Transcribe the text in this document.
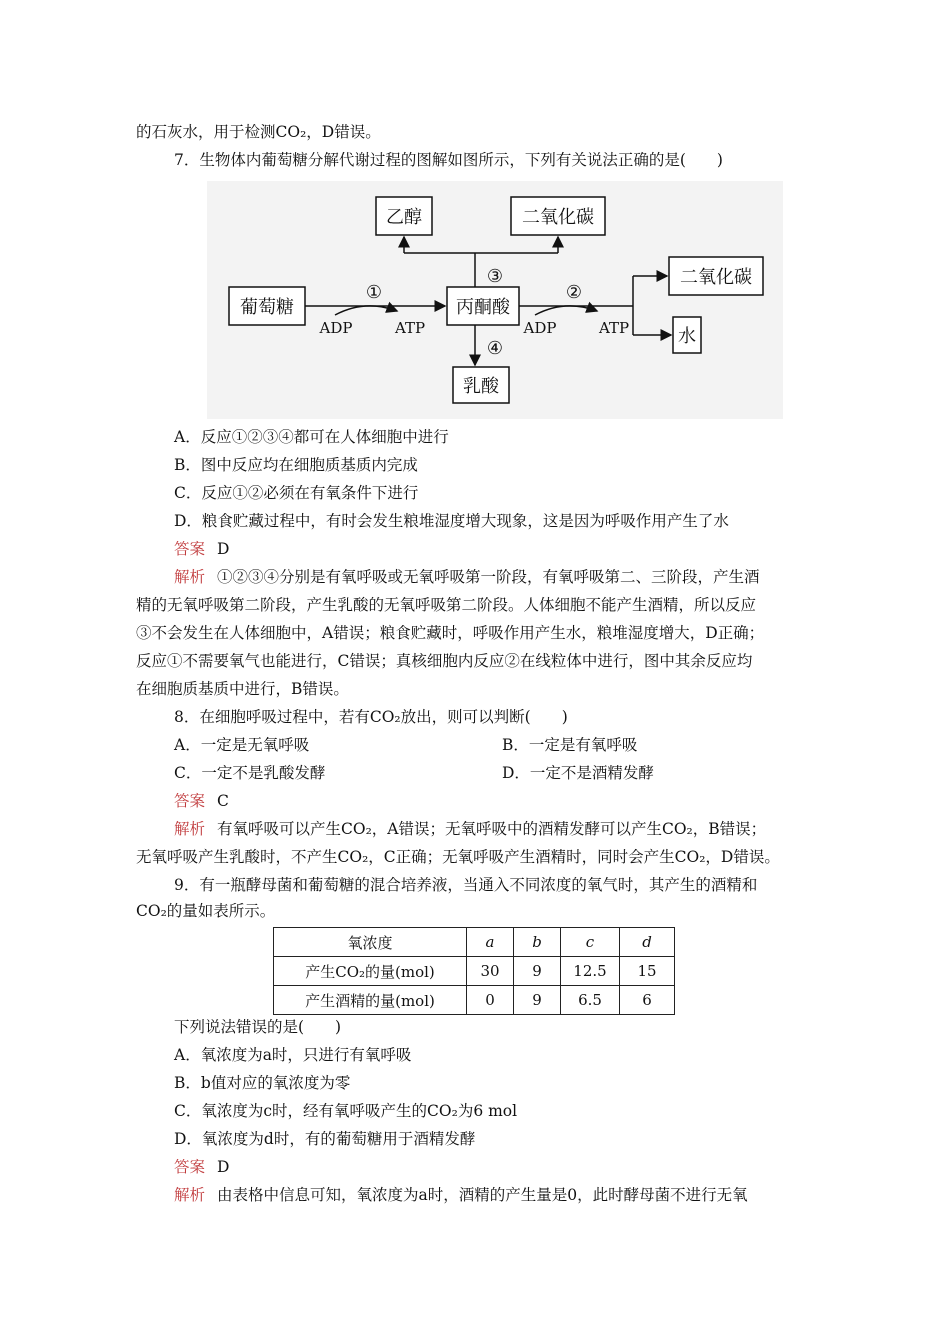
的石灰水，用于检测CO₂，D错误。
7．生物体内葡萄糖分解代谢过程的图解如图所示，下列有关说法正确的是(　　)
乙醇	二氧化碳
葡萄糖	丙酮酸
二氧化碳
水
乳酸
①	②
③
④
ADP	ATP	ADP	ATP
A．反应①②③④都可在人体细胞中进行
B．图中反应均在细胞质基质内完成
C．反应①②必须在有氧条件下进行
D．粮食贮藏过程中，有时会发生粮堆湿度增大现象，这是因为呼吸作用产生了水
答案 D
解析 ①②③④分别是有氧呼吸或无氧呼吸第一阶段，有氧呼吸第二、三阶段，产生酒
精的无氧呼吸第二阶段，产生乳酸的无氧呼吸第二阶段。人体细胞不能产生酒精，所以反应
③不会发生在人体细胞中，A错误；粮食贮藏时，呼吸作用产生水，粮堆湿度增大，D正确；
反应①不需要氧气也能进行，C错误；真核细胞内反应②在线粒体中进行，图中其余反应均
在细胞质基质中进行，B错误。
8．在细胞呼吸过程中，若有CO₂放出，则可以判断(　　)
A．一定是无氧呼吸	B．一定是有氧呼吸
C．一定不是乳酸发酵	D．一定不是酒精发酵
答案 C
解析 有氧呼吸可以产生CO₂，A错误；无氧呼吸中的酒精发酵可以产生CO₂，B错误；
无氧呼吸产生乳酸时，不产生CO₂，C正确；无氧呼吸产生酒精时，同时会产生CO₂，D错误。
9．有一瓶酵母菌和葡萄糖的混合培养液，当通入不同浓度的氧气时，其产生的酒精和
CO₂的量如表所示。
氧浓度	a	b	c	d
产生CO₂的量(mol)	30	9	12.5	15
产生酒精的量(mol)	0	9	6.5	6
下列说法错误的是(　　)
A．氧浓度为a时，只进行有氧呼吸
B．b值对应的氧浓度为零
C．氧浓度为c时，经有氧呼吸产生的CO₂为6 mol
D．氧浓度为d时，有的葡萄糖用于酒精发酵
答案 D
解析 由表格中信息可知，氧浓度为a时，酒精的产生量是0，此时酵母菌不进行无氧
